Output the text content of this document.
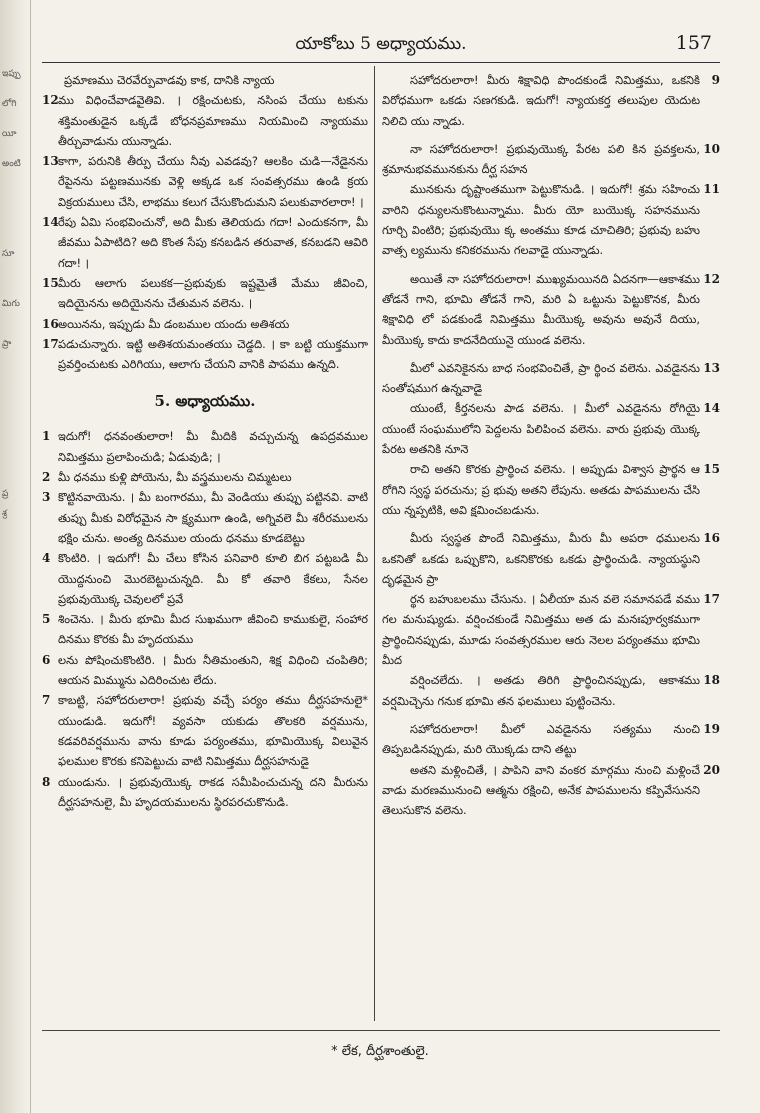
ఇప్పు
లోగి
యీ
అంటి
సూ
మిగు
ప్రా
ప్ర
శ్ర
యాకోబు 5 అధ్యాయము.	157

ప్రమాణము చెరవేర్పువాడవు కాక, దానికి న్యాయ

12 ము విధించేవాడవైతివి. । రక్షించుటకు, నసింప చేయు టకును శక్తిమంతుడైన ఒక్కడే బోధనప్రమాణము నియమించి న్యాయము తీర్చువాడును యున్నాడు.

13 కాగా, పరునికి తీర్పు చేయు నీవు ఎవడవు? ఆలకిం చుడి—నేడైనను రేపైనను పట్టణమునకు వెళ్లి అక్కడ ఒక సంవత్సరము ఉండి క్రయ విక్రయములు చేసి, లాభము కలుగ చేసుకొందుమని పలుకువారలారా! ।

14 రేపు ఏమి సంభవించునో, అది మీకు తెలియదు గదా! ఎందుకనగా, మీ జీవము ఏపాటిది? అది కొంత సేపు కనబడిన తరువాత, కనబడని ఆవిరి గదా! ।

15 మీరు ఆలాగు పలుకక—ప్రభువుకు ఇష్టమైతే మేము జీవించి, ఇదియైనను అదియైనను చేతుమన వలెను. ।

16 అయినను, ఇప్పుడు మీ డంబముల యందు అతిశయ

17 పడుచున్నారు. ఇట్టి అతిశయమంతయు చెడ్డది. । కా బట్టి యుక్తముగా ప్రవర్తించుటకు ఎరిగియు, ఆలాగు చేయని వానికి పాపము ఉన్నది.

5. అధ్యాయము.

1 ఇదుగో! ధనవంతులారా! మీ మీదికి వచ్చుచున్న ఉపద్రవముల నిమిత్తము ప్రలాపించుడి; ఏడువుడి; ।

2 మీ ధనము కుళ్లి పోయెను, మీ వస్త్రములను చిమ్మటలు

3 కొట్టినవాయెను. । మీ బంగారము, మీ వెండియు తుప్పు పట్టినవి. వాటి తుప్పు మీకు విరోధమైన సా క్ష్యముగా ఉండి, అగ్నివలె మీ శరీరములను భక్షిం చును. అంత్య దినముల యందు ధనము కూడబెట్టు

4 కొంటిరి. । ఇదుగో! మీ చేలు కోసిన పనివారి కూలి బిగ పట్టబడి మీ యొద్దనుంచి మొరబెట్టుచున్నది. మీ కో తవారి కేకలు, సేనల ప్రభువుయొక్క చెవులలో ప్రవే

5 శించెను. । మీరు భూమి మీద సుఖముగా జీవించి కాముకులై, సంహార దినము కొరకు మీ హృదయము

6 లను పోషించుకొంటిరి. । మీరు నీతిమంతుని, శిక్ష విధించి చంపితిరి; ఆయన మిమ్మును ఎదిరించుట లేదు.

7 కాబట్టి, సహోదరులారా! ప్రభువు వచ్చే పర్యం తము దీర్ఘసహనులై* యుండుడి. ఇదుగో! వ్యవసా యకుడు తొలకరి వర్షమును, కడవరివర్షమును వాను కూడు పర్యంతము, భూమియొక్క విలువైన ఫలముల కొరకు కనిపెట్టుచు వాటి నిమిత్తము దీర్ఘసహనుడై

8 యుండును. । ప్రభువుయొక్క రాకడ సమీపించుచున్న దని మీరును దీర్ఘసహనులై, మీ హృదయములను స్థిరపరచుకొనుడి.

9
సహోదరులారా! మీరు శిక్షావిధి పొందకుండే నిమిత్తము, ఒకనికి విరోధముగా ఒకడు సణగకుడి. ఇదుగో! న్యాయకర్త తలుపుల యెదుట నిలిచి యు న్నాడు.

10
నా సహోదరులారా! ప్రభువుయొక్క పేరట పలి కిన ప్రవక్తలను, శ్రమానుభవమునకును దీర్ఘ సహన

11
మునకును దృష్టాంతముగా పెట్టుకొనుడి. । ఇదుగో! శ్రమ సహించు వారిని ధన్యులనుకొంటున్నాము. మీరు యో బుయొక్క సహనమును గూర్చి వింటిరి; ప్రభువుయొ క్క అంతము కూడ చూచితిరి; ప్రభువు బహు వాత్స ల్యమును కనికరమును గలవాడై యున్నాడు.

12
అయితే నా సహోదరులారా! ముఖ్యమయినది ఏదనగా—ఆకాశము తోడనే గాని, భూమి తోడనే గాని, మరి ఏ ఒట్టును పెట్టుకొనక, మీరు శిక్షావిధి లో పడకుండే నిమిత్తము మీయొక్క అవును అవునే దియు, మీయొక్క కాదు కాదనేదియునై యుండ వలెను.

13
మీలో ఎవనికైనను బాధ సంభవించితే, ప్రా ర్థించ వలెను. ఎవడైనను సంతోషముగ ఉన్నవాడై

14
యుంటే, కీర్తనలను పాడ వలెను. । మీలో ఎవడైనను రోగియై యుంటే సంఘములోని పెద్దలను పిలిపించ వలెను. వారు ప్రభువు యొక్క పేరట అతనికి నూనె

15
రాచి అతని కొరకు ప్రార్థించ వలెను. । అప్పుడు విశ్వాస ప్రార్థన ఆ రోగిని స్వస్థ పరచును; ప్ర భువు అతని లేపును. అతడు పాపములను చేసి యు న్నప్పటికి, అవి క్షమించబడును.

16
మీరు స్వస్థత పొందే నిమిత్తము, మీరు మీ అపరా ధములను ఒకనితో ఒకడు ఒప్పుకొని, ఒకనికొరకు ఒకడు ప్రార్థించుడి. న్యాయస్థుని దృఢమైన ప్రా

17
ర్థన బహుబలము చేసును. । ఏలీయా మన వలె సమానపడే వము గల మనుష్యుడు. వర్షించకుండే నిమిత్తము అత డు మనఃపూర్వకముగా ప్రార్థించినప్పుడు, మూడు సంవత్సరముల ఆరు నెలల పర్యంతము భూమి మీద

18
వర్షించలేదు. । అతడు తిరిగి ప్రార్థించినప్పుడు, ఆకాశము వర్షమిచ్చెను గనుక భూమి తన ఫలములు పుట్టించెను.

19
సహోదరులారా! మీలో ఎవడైనను సత్యము నుంచి తిప్పబడినప్పుడు, మరి యొక్కడు దాని తట్టు

20
అతని మళ్లించితే, । పాపిని వాని వంకర మార్గము నుంచి మళ్లించే వాడు మరణమునుంచి ఆత్మను రక్షించి, అనేక పాపములను కప్పివేసునని తెలుసుకొన వలెను.

* లేక, దీర్ఘశాంతులై.
